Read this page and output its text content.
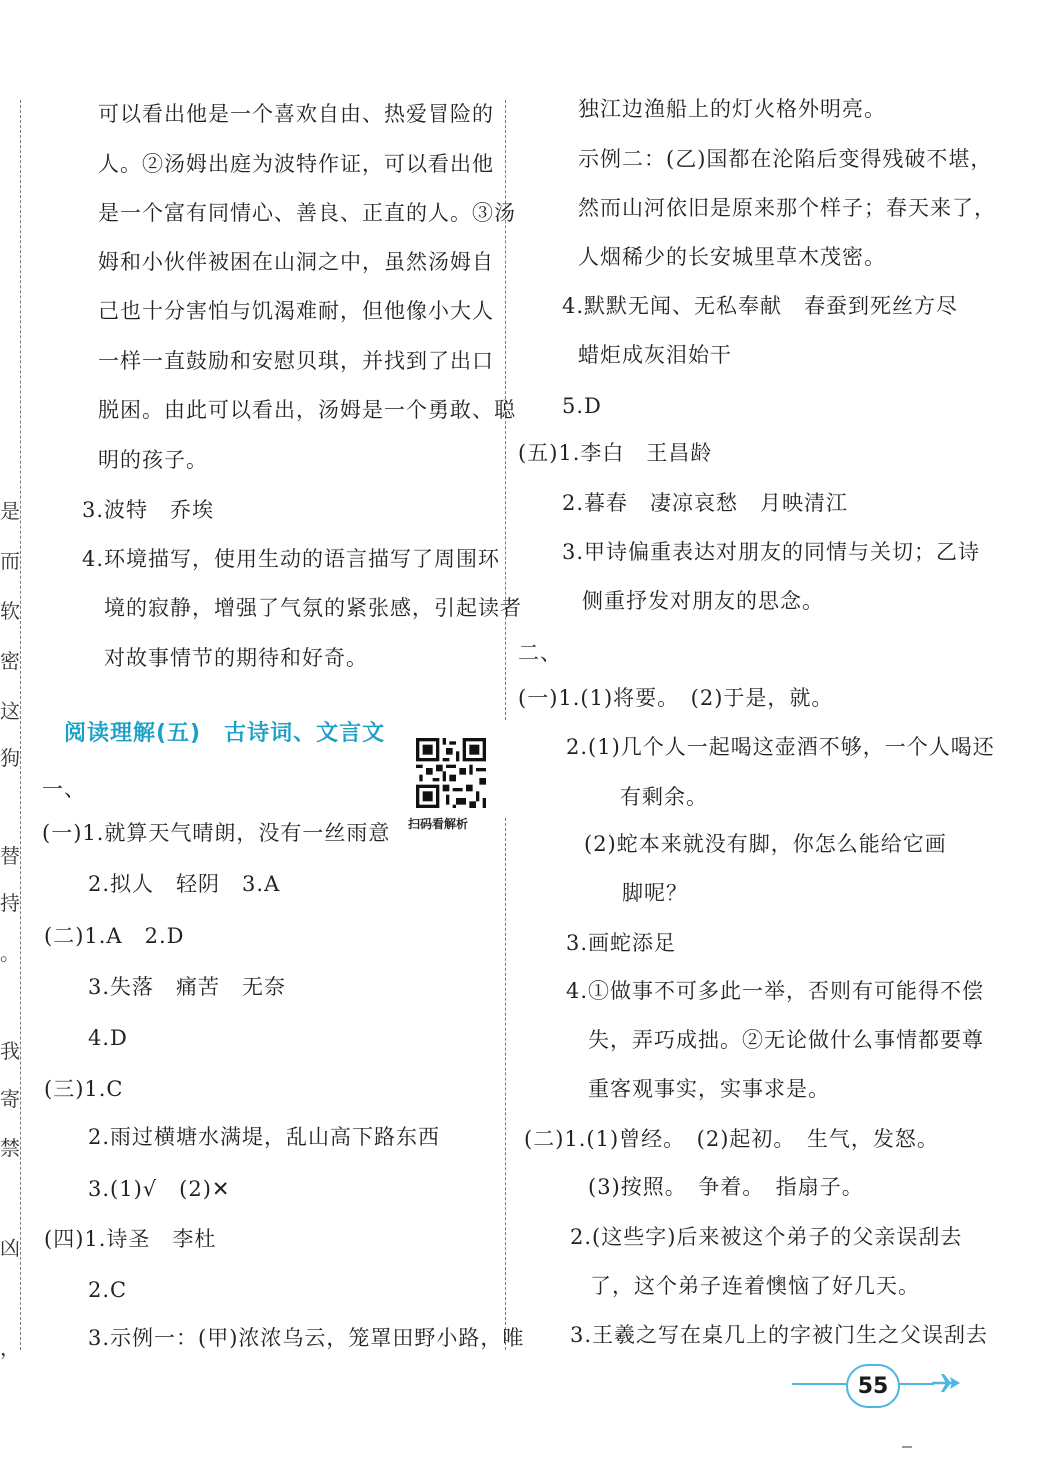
是
而
软
密
这
狗
替
持
。
我
寄
禁
凶
，
可以看出他是一个喜欢自由、热爱冒险的
人。②汤姆出庭为波特作证，可以看出他
是一个富有同情心、善良、正直的人。③汤
姆和小伙伴被困在山洞之中，虽然汤姆自
己也十分害怕与饥渴难耐，但他像小大人
一样一直鼓励和安慰贝琪，并找到了出口
脱困。由此可以看出，汤姆是一个勇敢、聪
明的孩子。
3.波特　乔埃
4.环境描写，使用生动的语言描写了周围环
境的寂静，增强了气氛的紧张感，引起读者
对故事情节的期待和好奇。
阅读理解(五)　古诗词、文言文
扫码看解析
一、
(一)1.就算天气晴朗，没有一丝雨意
2.拟人　轻阴　3.A
(二)1.A　2.D
3.失落　痛苦　无奈
4.D
(三)1.C
2.雨过横塘水满堤，乱山高下路东西
3.(1)√　(2)✕
(四)1.诗圣　李杜
2.C
3.示例一：(甲)浓浓乌云，笼罩田野小路，唯
独江边渔船上的灯火格外明亮。
示例二：(乙)国都在沦陷后变得残破不堪，
然而山河依旧是原来那个样子；春天来了，
人烟稀少的长安城里草木茂密。
4.默默无闻、无私奉献　春蚕到死丝方尽
蜡炬成灰泪始干
5.D
(五)1.李白　王昌龄
2.暮春　凄凉哀愁　月映清江
3.甲诗偏重表达对朋友的同情与关切；乙诗
侧重抒发对朋友的思念。
二、
(一)1.(1)将要。　(2)于是，就。
2.(1)几个人一起喝这壶酒不够，一个人喝还
有剩余。
(2)蛇本来就没有脚，你怎么能给它画
脚呢？
3.画蛇添足
4.①做事不可多此一举，否则有可能得不偿
失，弄巧成拙。②无论做什么事情都要尊
重客观事实，实事求是。
(二)1.(1)曾经。　(2)起初。　生气，发怒。
(3)按照。　争着。　指扇子。
2.(这些字)后来被这个弟子的父亲误刮去
了，这个弟子连着懊恼了好几天。
3.王羲之写在桌几上的字被门生之父误刮去
55
